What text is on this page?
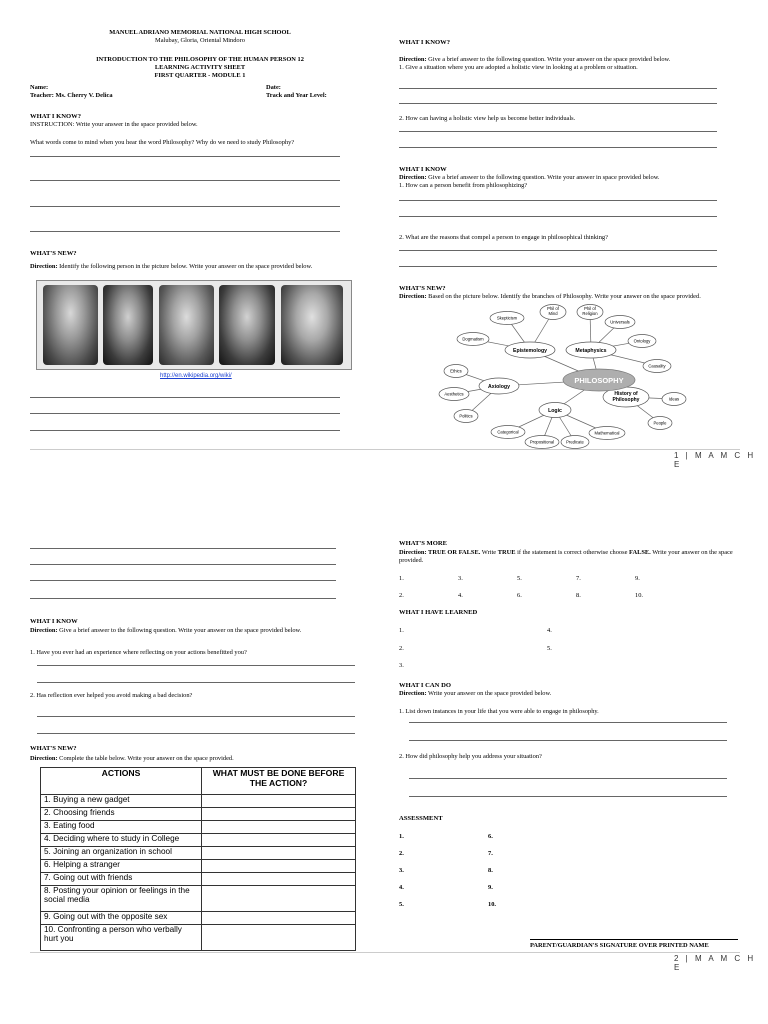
MANUEL ADRIANO MEMORIAL NATIONAL HIGH SCHOOL
Malubay, Gloria, Oriental Mindoro
INTRODUCTION TO THE PHILOSOPHY OF THE HUMAN PERSON 12
LEARNING ACTIVITY SHEET
FIRST QUARTER - MODULE 1
Name:
Teacher: Ms. Cherry V. Delica
Date:
Track and Year Level:
WHAT I KNOW?
INSTRUCTION: Write your answer in the space provided below.
What words come to mind when you hear the word Philosophy? Why do we need to study Philosophy?
WHAT'S NEW?
Direction: Identify the following person in the picture below. Write your answer on the space provided below.
http://en.wikipedia.org/wiki/
WHAT I KNOW?
Direction: Give a brief answer to the following question. Write your answer on the space provided below.
1. Give a situation where you are adopted a holistic view in looking at a problem or situation.
2. How can having a holistic view help us become better individuals.
WHAT I KNOW
Direction: Give a brief answer to the following question. Write your answer in space provided below.
1. How can a person benefit from philosophizing?
2. What are the reasons that compel a person to engage in philosophical thinking?
WHAT'S NEW?
Direction: Based on the picture below. Identify the branches of Philosophy. Write your answer on the space provided.
Skepticism
Phil of
Mind
Phil of
Religion
Universals
Dogmatism
Epistemology	Metaphysics
Ontology
Causality
Ethics
Axiology
Aesthetics
Politics
Logic
History of
Philosophy	Ideas
People
Categorical
Propositional	Predicate
Mathematical
PHILOSOPHY
1 | M A M C H E
WHAT I KNOW
Direction: Give a brief answer to the following question. Write your answer on the space provided below.
1. Have you ever had an experience where reflecting on your actions benefitted you?
2. Has reflection ever helped you avoid making a bad decision?
WHAT'S NEW?
Direction: Complete the table below. Write your answer on the space provided.
ACTIONS	WHAT MUST BE DONE BEFORE THE ACTION?
1. Buying a new gadget	
2. Choosing friends	
3. Eating food	
4. Deciding where to study in College	
5. Joining an organization in school	
6. Helping a stranger	
7. Going out with friends	
8. Posting your opinion or feelings in the social media	
9. Going out with the opposite sex	
10. Confronting a person who verbally hurt you	
WHAT'S MORE
Direction: TRUE OR FALSE. Write TRUE if the statement is correct otherwise choose FALSE. Write your answer on the space provided.
1.	3.	5.	7.	9.
2.	4.	6.	8.	10.
WHAT I HAVE LEARNED
1.
2.
3.
4.
5.
WHAT I CAN DO
Direction: Write your answer on the space provided below.
1. List down instances in your life that you were able to engage in philosophy.
2. How did philosophy help you address your situation?
ASSESSMENT
1.
2.
3.
4.
5.
6.
7.
8.
9.
10.
PARENT/GUARDIAN'S SIGNATURE OVER PRINTED NAME
2 | M A M C H E
